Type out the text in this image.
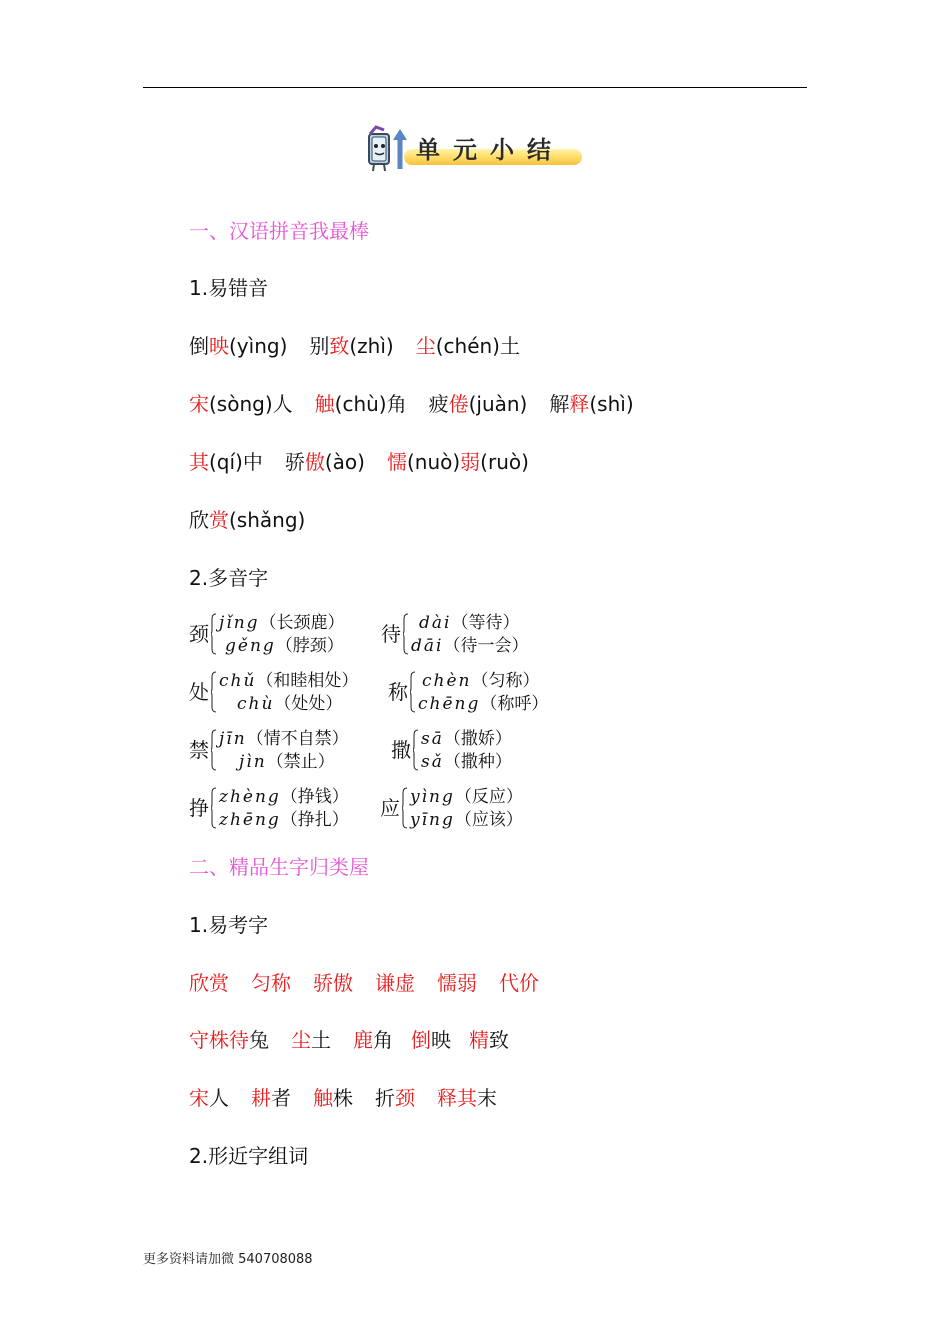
单元小结
一、汉语拼音我最棒
1.易错音
倒映(yìng) 别致(zhì) 尘(chén)土
宋(sòng)人 触(chù)角 疲倦(juàn) 解释(shì)
其(qí)中 骄傲(ào) 懦(nuò)弱(ruò)
欣赏(shǎng)
2.多音字
颈 jǐng（长颈鹿）
gěng（脖颈） 待	dài（等待）
dāi（待一会）
处 chǔ（和睦相处）
chù（处处） 称 chèn（匀称）
chēng（称呼）
禁 jīn（情不自禁）
jìn（禁止）	撒 sā（撒娇）
sǎ（撒种）
挣 zhèng（挣钱）
zhēng（挣扎） 应 yìng（反应）
yīng（应该）
二、精品生字归类屋
1.易考字
欣赏 匀称 骄傲 谦虚 懦弱 代价
守株待兔 尘土 鹿角 倒映 精致
宋人 耕者 触株 折颈 释其末
2.形近字组词
更多资料请加微 540708088
